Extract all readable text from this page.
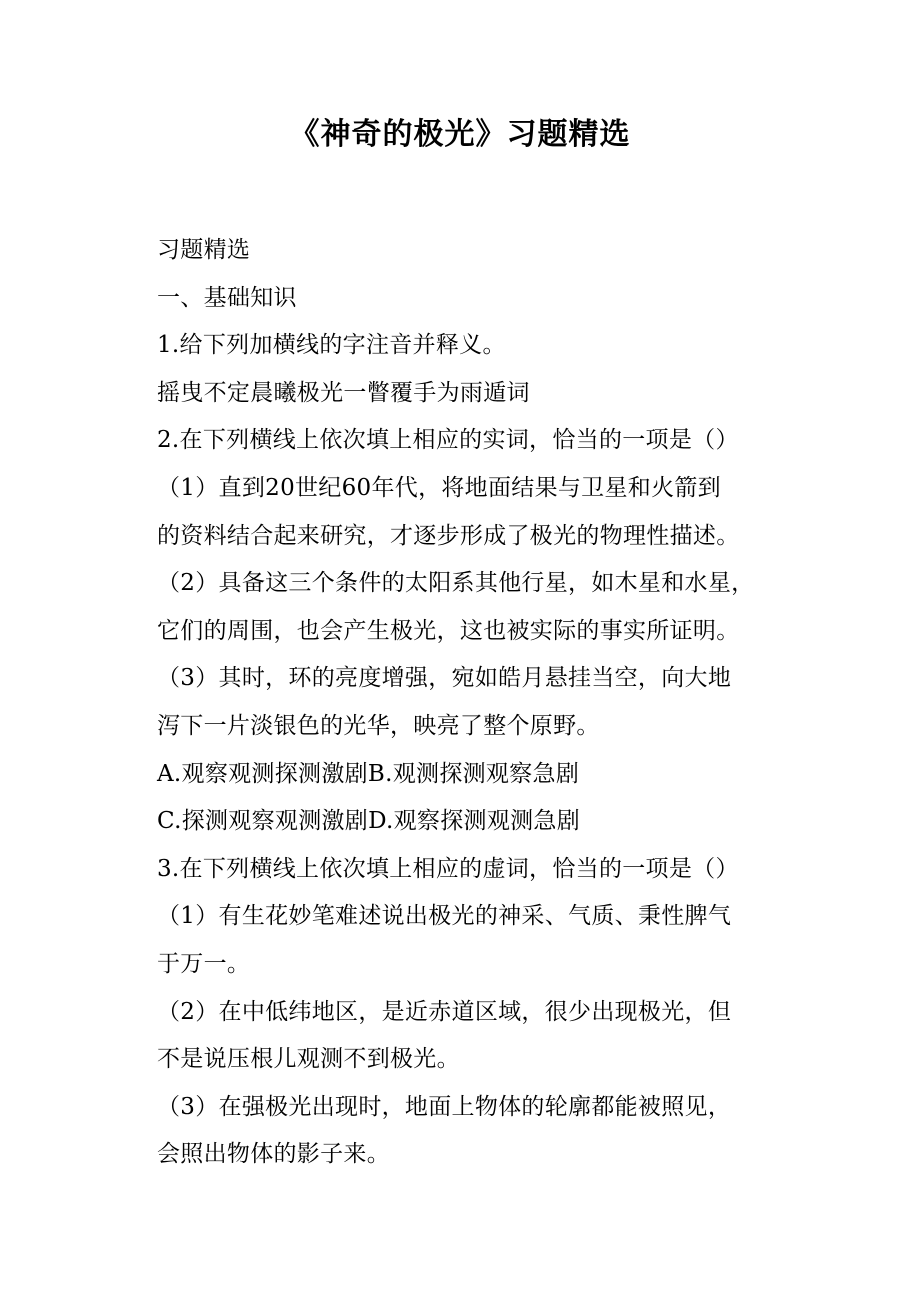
《神奇的极光》习题精选
习题精选
一、基础知识
1.给下列加横线的字注音并释义。
摇曳不定晨曦极光一瞥覆手为雨遁词
2.在下列横线上依次填上相应的实词，恰当的一项是（）
（1）直到20世纪60年代，将地面结果与卫星和火箭到
的资料结合起来研究，才逐步形成了极光的物理性描述。
（2）具备这三个条件的太阳系其他行星，如木星和水星，
它们的周围，也会产生极光，这也被实际的事实所证明。
（3）其时，环的亮度增强，宛如皓月悬挂当空，向大地
泻下一片淡银色的光华，映亮了整个原野。
A.观察观测探测激剧B.观测探测观察急剧
C.探测观察观测激剧D.观察探测观测急剧
3.在下列横线上依次填上相应的虚词，恰当的一项是（）
（1）有生花妙笔难述说出极光的神采、气质、秉性脾气
于万一。
（2）在中低纬地区，是近赤道区域，很少出现极光，但
不是说压根儿观测不到极光。
（3）在强极光出现时，地面上物体的轮廓都能被照见，
会照出物体的影子来。
